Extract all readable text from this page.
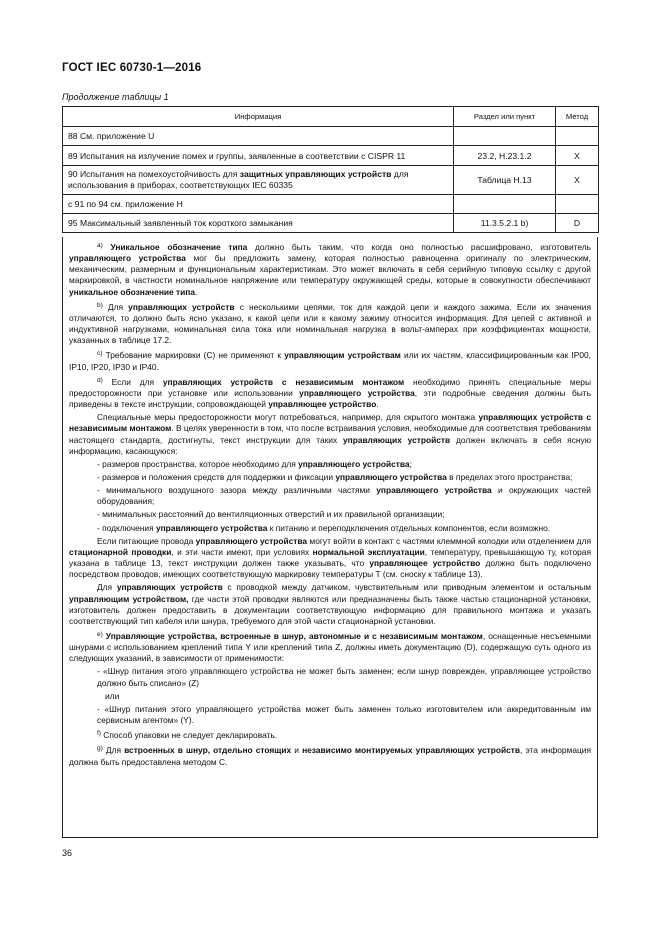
ГОСТ IEC 60730-1—2016
Продолжение таблицы 1
Информация	Раздел или пункт	Метод
88 См. приложение U		
89 Испытания на излучение помех и группы, заявленные в соответствии с CISPR 11	23.2, H.23.1.2	X
90 Испытания на помехоустойчивость для защитных управляющих устройств для использования в приборах, соответствующих IEC 60335	Таблица H.13	X
с 91 по 94 см. приложение H		
95 Максимальный заявленный ток короткого замыкания	11.3.5.2.1 b)	D

$^{a)}$ Уникальное обозначение типа должно быть таким, что когда оно полностью расшифровано, изготовитель управляющего устройства мог бы предложить замену, которая полностью равноценна оригиналу по электрическим, механическим, размерным и функциональным характеристикам. Это может включать в себя серийную типовую ссылку с другой маркировкой, в частности номинальное напряжение или температуру окружающей среды, которые в совокупности обеспечивают уникальное обозначение типа.

$^{b)}$ Для управляющих устройств с несколькими цепями, ток для каждой цепи и каждого зажима. Если их значения отличаются, то должно быть ясно указано, к какой цепи или к какому зажиму относится информация. Для цепей с активной и индуктивной нагрузками, номинальная сила тока или номинальная нагрузка в вольт-амперах при коэффициентах мощности, указанных в таблице 17.2.

$^{c)}$ Требование маркировки (C) не применяют к управляющим устройствам или их частям, классифицированным как IP00, IP10, IP20, IP30 и IP40.

$^{d)}$ Если для управляющих устройств с независимым монтажом необходимо принять специальные меры предосторожности при установке или использовании управляющего устройства, эти подробные сведения должны быть приведены в тексте инструкции, сопровождающей управляющее устройство.

Специальные меры предосторожности могут потребоваться, например, для скрытого монтажа управляющих устройств с независимым монтажом. В целях уверенности в том, что после встраивания условия, необходимые для соответствия требованиям настоящего стандарта, достигнуты, текст инструкции для таких управляющих устройств должен включать в себя ясную информацию, касающуюся:

- размеров пространства, которое необходимо для управляющего устройства;

- размеров и положения средств для поддержки и фиксации управляющего устройства в пределах этого пространства;

- минимального воздушного зазора между различными частями управляющего устройства и окружающих частей оборудования;

- минимальных расстояний до вентиляционных отверстий и их правильной организации;

- подключения управляющего устройства к питанию и переподключения отдельных компонентов, если возможно.

Если питающие провода управляющего устройства могут войти в контакт с частями клеммной колодки или отделением для стационарной проводки, и эти части имеют, при условиях нормальной эксплуатации, температуру, превышающую ту, которая указана в таблице 13, текст инструкции должен также указывать, что управляющее устройство должно быть подключено посредством проводов, имеющих соответствующую маркировку температуры T (см. сноску к таблице 13).

Для управляющих устройств с проводкой между датчиком, чувствительным или приводным элементом и остальным управляющим устройством, где части этой проводки являются или предназначены быть также частью стационарной установки, изготовитель должен предоставить в документации соответствующую информацию для правильного монтажа и указать соответствующий тип кабеля или шнура, требуемого для этой части стационарной установки.

$^{e)}$ Управляющие устройства, встроенные в шнур, автономные и с независимым монтажом, оснащенные несъемными шнурами с использованием креплений типа Y или креплений типа Z, должны иметь документацию (D), содержащую суть одного из следующих указаний, в зависимости от применимости:

- «Шнур питания этого управляющего устройства не может быть заменен; если шнур поврежден, управляющее устройство должно быть списано» (Z)

или

- «Шнур питания этого управляющего устройства может быть заменен только изготовителем или аккредитованным им сервисным агентом» (Y).

$^{f)}$ Способ упаковки не следует декларировать.

$^{g)}$ Для встроенных в шнур, отдельно стоящих и независимо монтируемых управляющих устройств, эта информация должна быть предоставлена методом С.

36
